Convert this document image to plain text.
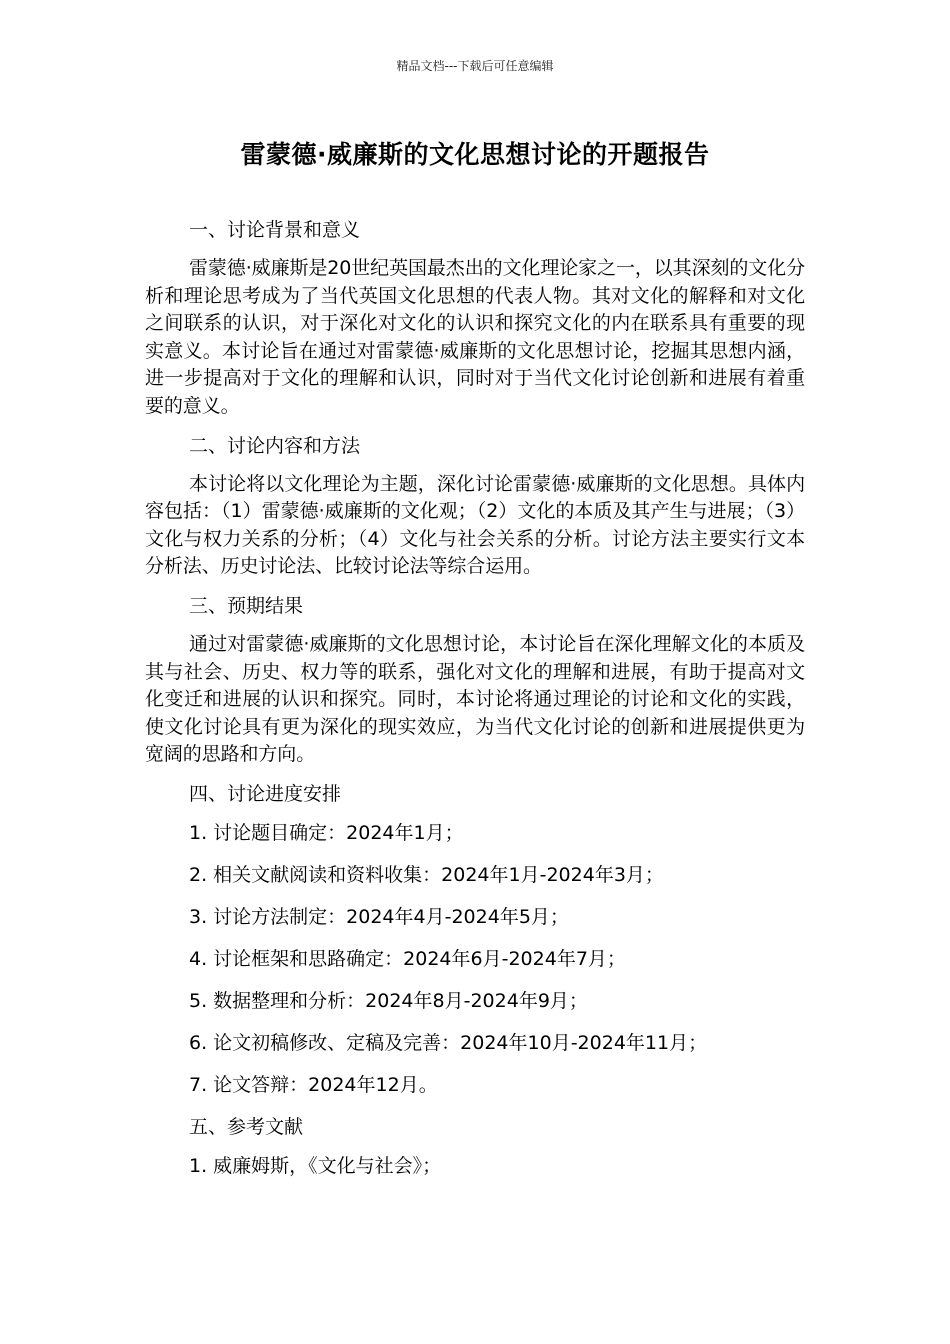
精品文档---下载后可任意编辑
雷蒙德·威廉斯的文化思想讨论的开题报告
一、讨论背景和意义
雷蒙德·威廉斯是20世纪英国最杰出的文化理论家之一，以其深刻的文化分析和理论思考成为了当代英国文化思想的代表人物。其对文化的解释和对文化之间联系的认识，对于深化对文化的认识和探究文化的内在联系具有重要的现实意义。本讨论旨在通过对雷蒙德·威廉斯的文化思想讨论，挖掘其思想内涵，进一步提高对于文化的理解和认识，同时对于当代文化讨论创新和进展有着重要的意义。
二、讨论内容和方法
本讨论将以文化理论为主题，深化讨论雷蒙德·威廉斯的文化思想。具体内容包括：（1）雷蒙德·威廉斯的文化观；（2）文化的本质及其产生与进展；（3）文化与权力关系的分析；（4）文化与社会关系的分析。讨论方法主要实行文本分析法、历史讨论法、比较讨论法等综合运用。
三、预期结果
通过对雷蒙德·威廉斯的文化思想讨论，本讨论旨在深化理解文化的本质及其与社会、历史、权力等的联系，强化对文化的理解和进展，有助于提高对文化变迁和进展的认识和探究。同时，本讨论将通过理论的讨论和文化的实践，使文化讨论具有更为深化的现实效应，为当代文化讨论的创新和进展提供更为宽阔的思路和方向。
四、讨论进度安排
1. 讨论题目确定：2024年1月；
2. 相关文献阅读和资料收集：2024年1月-2024年3月；
3. 讨论方法制定：2024年4月-2024年5月；
4. 讨论框架和思路确定：2024年6月-2024年7月；
5. 数据整理和分析：2024年8月-2024年9月；
6. 论文初稿修改、定稿及完善：2024年10月-2024年11月；
7. 论文答辩：2024年12月。
五、参考文献
1. 威廉姆斯，《文化与社会》；
